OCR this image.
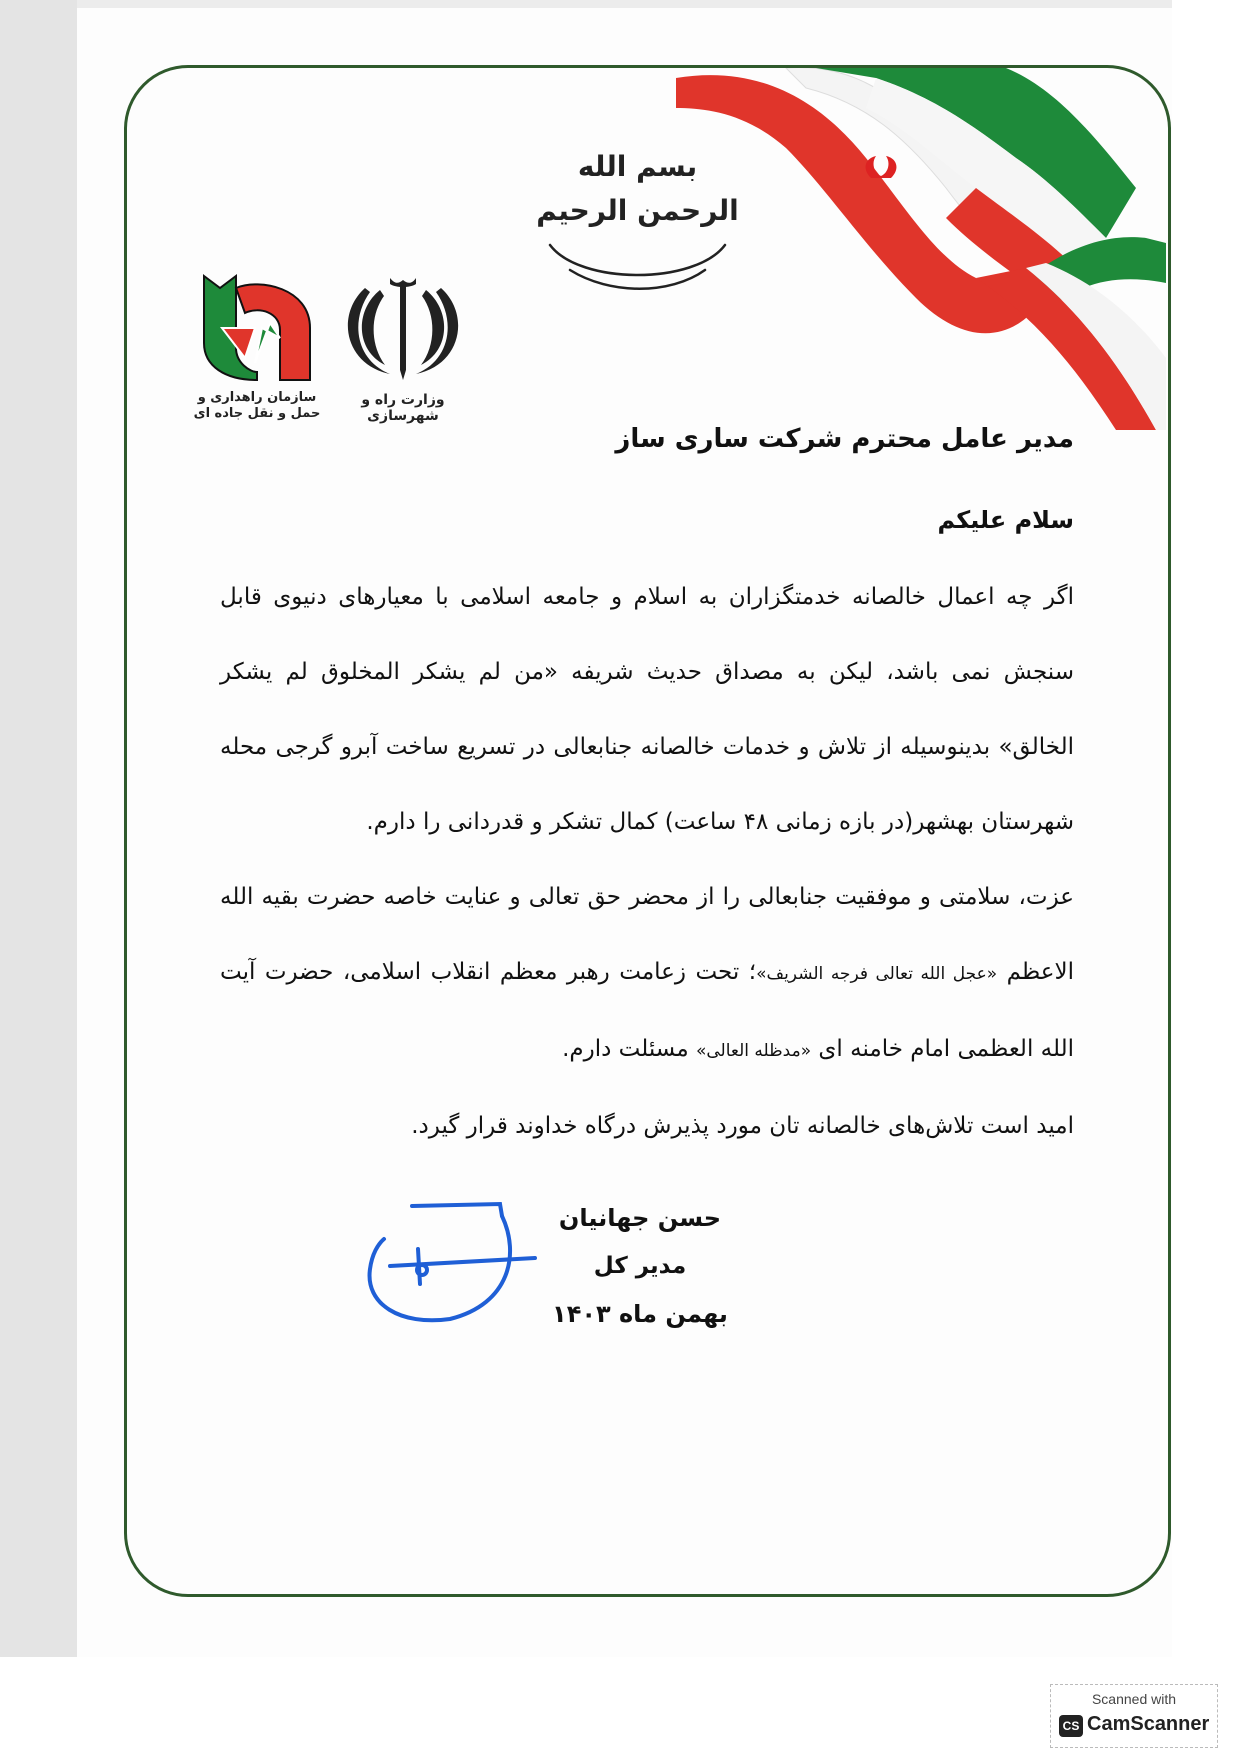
بسم الله الرحمن الرحیم
سازمان راهداری و حمل و نقل جاده ای
وزارت راه و شهرسازی
مدیر عامل محترم شرکت ساری ساز
سلام علیکم

اگر چه اعمال خالصانه خدمتگزاران به اسلام و جامعه اسلامی با معیارهای دنیوی قابل سنجش نمی باشد، لیکن به مصداق حدیث شریفه «من لم یشکر المخلوق لم یشکر الخالق» بدینوسیله از تلاش و خدمات خالصانه جنابعالی در تسریع ساخت آبرو گرجی محله شهرستان بهشهر(در بازه زمانی ۴۸ ساعت) کمال تشکر و قدردانی را دارم.

عزت، سلامتی و موفقیت جنابعالی را از محضر حق تعالی و عنایت خاصه حضرت بقیه الله الاعظم «عجل الله تعالی فرجه الشریف»؛ تحت زعامت رهبر معظم انقلاب اسلامی، حضرت آیت الله العظمی امام خامنه ای «مدظله العالی» مسئلت دارم.

امید است تلاش‌های خالصانه تان مورد پذیرش درگاه خداوند قرار گیرد.

حسن جهانیان
مدیر کل
بهمن ماه ۱۴۰۳
Scanned with
CS CamScanner
